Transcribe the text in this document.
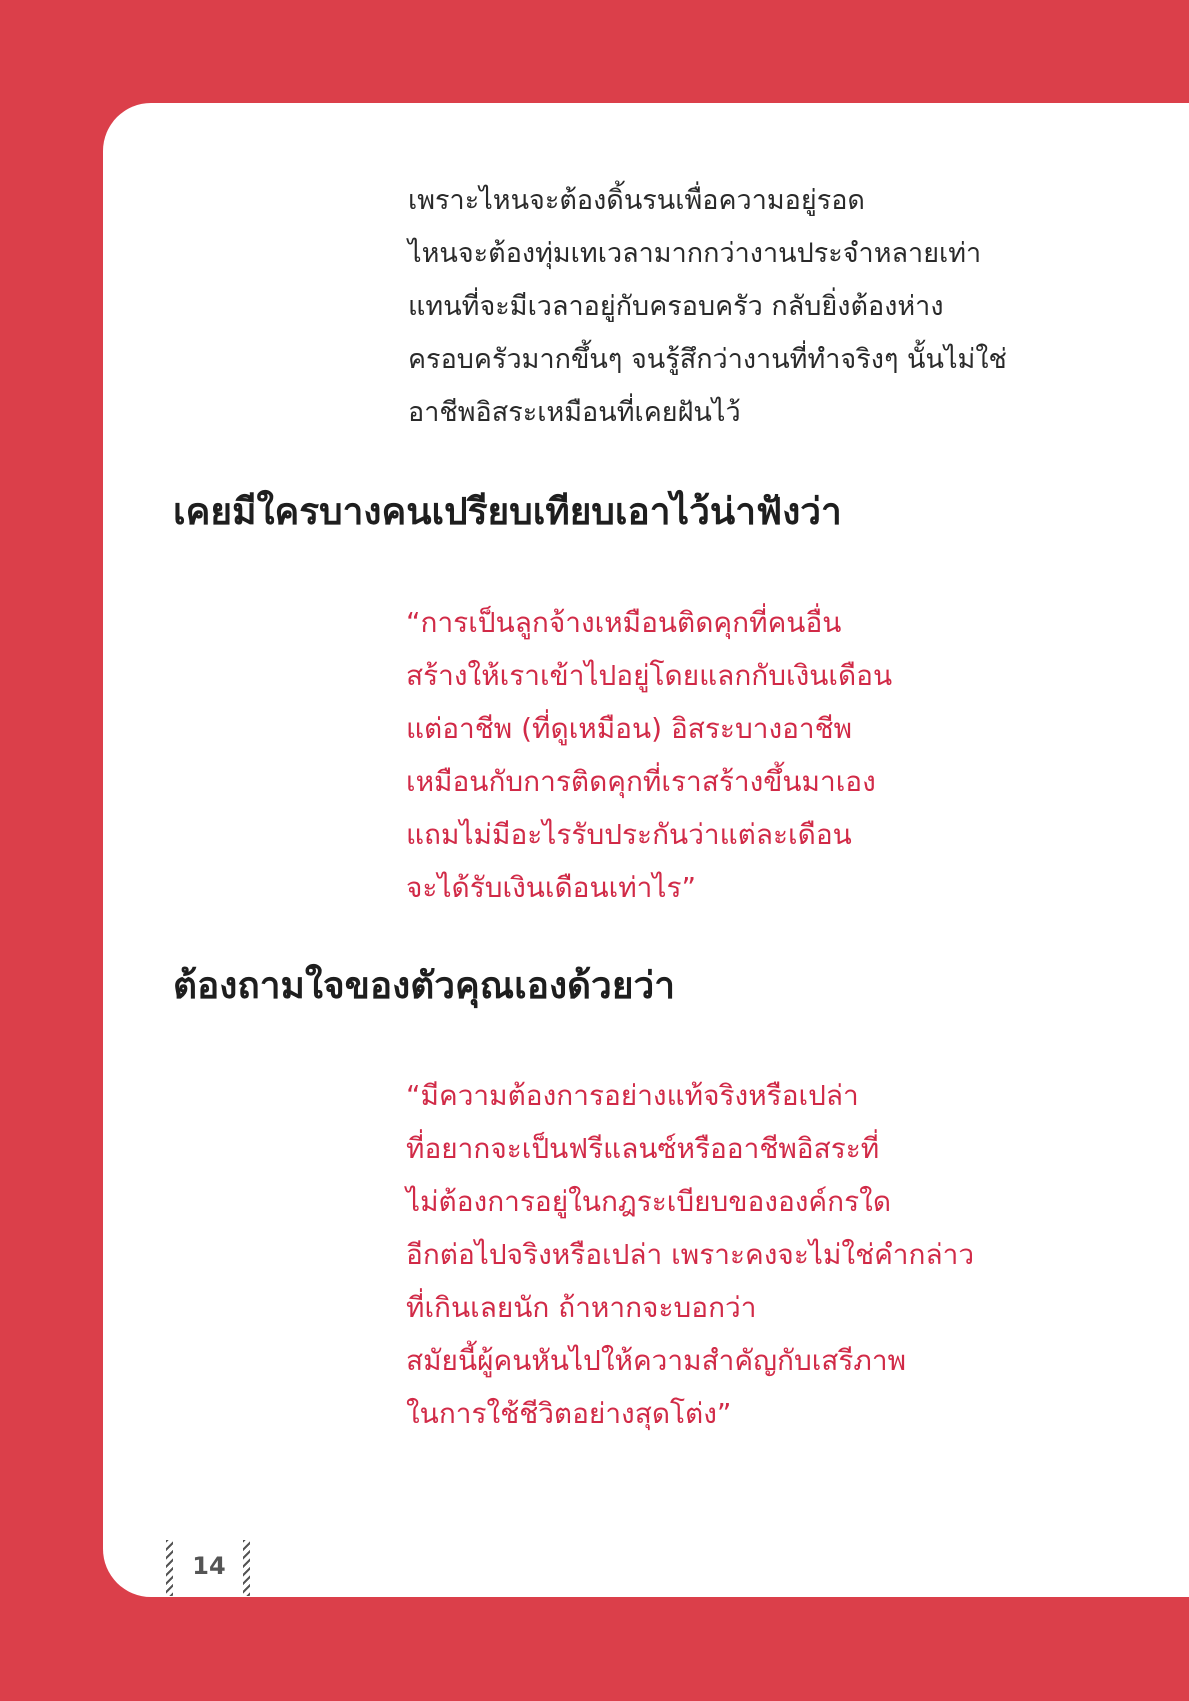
เพราะไหนจะต้องดิ้นรนเพื่อความอยู่รอด
ไหนจะต้องทุ่มเทเวลามากกว่างานประจำหลายเท่า
แทนที่จะมีเวลาอยู่กับครอบครัว กลับยิ่งต้องห่าง
ครอบครัวมากขึ้นๆ จนรู้สึกว่างานที่ทำจริงๆ นั้นไม่ใช่
อาชีพอิสระเหมือนที่เคยฝันไว้
เคยมีใครบางคนเปรียบเทียบเอาไว้น่าฟังว่า
“การเป็นลูกจ้างเหมือนติดคุกที่คนอื่น
สร้างให้เราเข้าไปอยู่โดยแลกกับเงินเดือน
แต่อาชีพ (ที่ดูเหมือน) อิสระบางอาชีพ
เหมือนกับการติดคุกที่เราสร้างขึ้นมาเอง
แถมไม่มีอะไรรับประกันว่าแต่ละเดือน
จะได้รับเงินเดือนเท่าไร”
ต้องถามใจของตัวคุณเองด้วยว่า
“มีความต้องการอย่างแท้จริงหรือเปล่า
ที่อยากจะเป็นฟรีแลนซ์หรืออาชีพอิสระที่
ไม่ต้องการอยู่ในกฎระเบียบขององค์กรใด
อีกต่อไปจริงหรือเปล่า เพราะคงจะไม่ใช่คำกล่าว
ที่เกินเลยนัก ถ้าหากจะบอกว่า
สมัยนี้ผู้คนหันไปให้ความสำคัญกับเสรีภาพ
ในการใช้ชีวิตอย่างสุดโต่ง”
14
